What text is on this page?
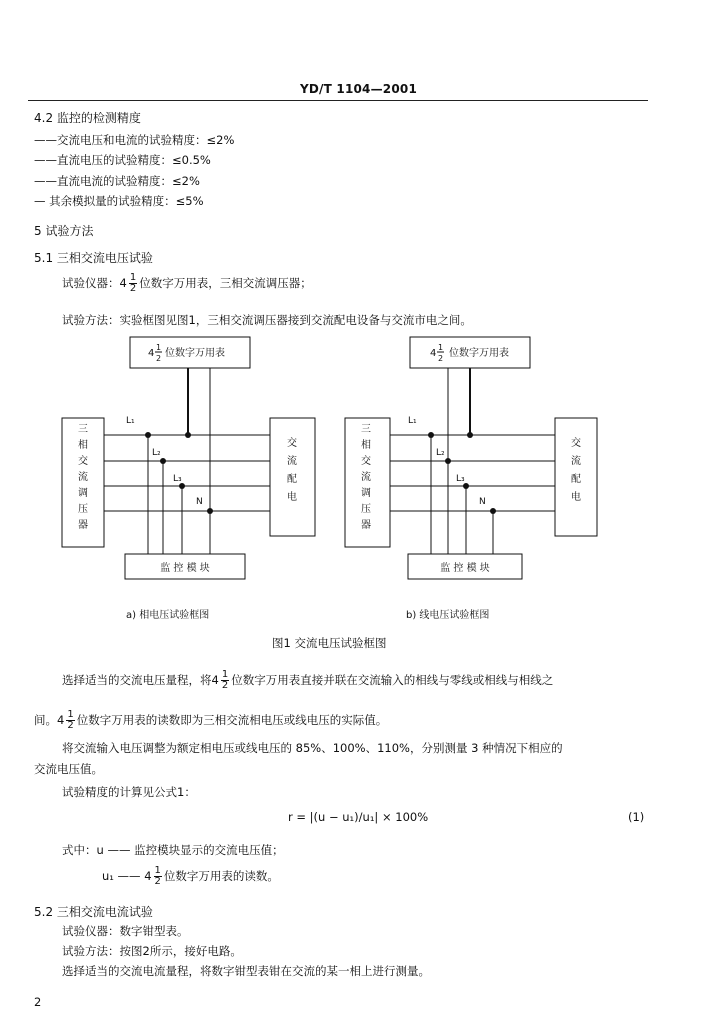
YD/T 1104—2001
4.2 监控的检测精度
——交流电压和电流的试验精度：≤2%
——直流电压的试验精度：≤0.5%
——直流电流的试验精度：≤2%
— 其余模拟量的试验精度：≤5%
5 试验方法
5.1 三相交流电压试验
试验仪器：$4 \frac{1}{2}$ 位数字万用表，三相交流调压器；
试验方法：实验框图见图1，三相交流调压器接到交流配电设备与交流市电之间。
4
1
2 位数字万用表	4
1
2 位数字万用表
三
相
交
流
调
压
器
三
相
交
流
调
压
器
交
流
配
电
交
流
配
电
监 控 模 块	监 控 模 块
L₁
L₂
L₃
N
L₁
L₂
L₃
N
a) 相电压试验框图	b) 线电压试验框图
图1 交流电压试验框图
选择适当的交流电压量程，将$4 \frac{1}{2}$ 位数字万用表直接并联在交流输入的相线与零线或相线与相线之
间。$4 \frac{1}{2}$ 位数字万用表的读数即为三相交流相电压或线电压的实际值。
将交流输入电压调整为额定相电压或线电压的 85%、100%、110%，分别测量 3 种情况下相应的
交流电压值。
试验精度的计算见公式1：
r = |(u − u₁)/u₁| × 100%	(1)
式中：u —— 监控模块显示的交流电压值；
u₁ —— $4 \frac{1}{2}$ 位数字万用表的读数。
5.2 三相交流电流试验
试验仪器：数字钳型表。
试验方法：按图2所示，接好电路。
选择适当的交流电流量程，将数字钳型表钳在交流的某一相上进行测量。
2
